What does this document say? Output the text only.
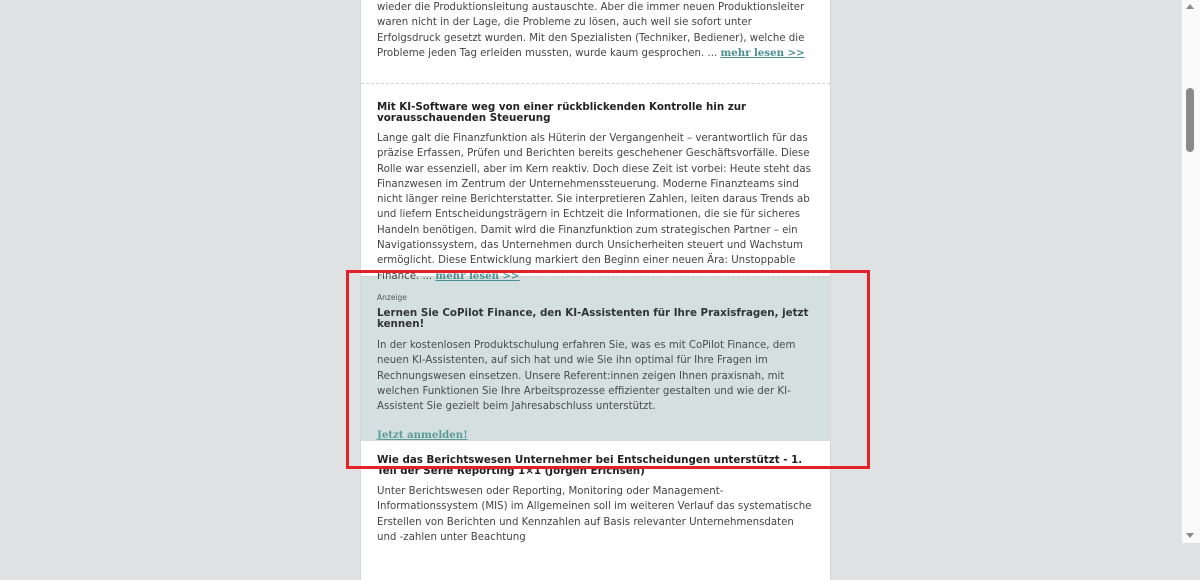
wieder die Produktionsleitung austauschte. Aber die immer neuen Produktionsleiter waren nicht in der Lage, die Probleme zu lösen, auch weil sie sofort unter Erfolgsdruck gesetzt wurden. Mit den Spezialisten (Techniker, Bediener), welche die Probleme jeden Tag erleiden mussten, wurde kaum gesprochen. ... mehr lesen >>

Mit KI-Software weg von einer rückblickenden Kontrolle hin zur vorausschauenden Steuerung

Lange galt die Finanzfunktion als Hüterin der Vergangenheit – verantwortlich für das präzise Erfassen, Prüfen und Berichten bereits geschehener Geschäftsvorfälle. Diese Rolle war essenziell, aber im Kern reaktiv. Doch diese Zeit ist vorbei: Heute steht das Finanzwesen im Zentrum der Unternehmenssteuerung. Moderne Finanzteams sind nicht länger reine Berichterstatter. Sie interpretieren Zahlen, leiten daraus Trends ab und liefern Entscheidungsträgern in Echtzeit die Informationen, die sie für sicheres Handeln benötigen. Damit wird die Finanzfunktion zum strategischen Partner – ein Navigationssystem, das Unternehmen durch Unsicherheiten steuert und Wachstum ermöglicht. Diese Entwicklung markiert den Beginn einer neuen Ära: Unstoppable Finance. ... mehr lesen >>

Anzeige

Lernen Sie CoPilot Finance, den KI-Assistenten für Ihre Praxisfragen, jetzt kennen!

In der kostenlosen Produktschulung erfahren Sie, was es mit CoPilot Finance, dem neuen KI-Assistenten, auf sich hat und wie Sie ihn optimal für Ihre Fragen im Rechnungswesen einsetzen. Unsere Referent:innen zeigen Ihnen praxisnah, mit welchen Funktionen Sie Ihre Arbeitsprozesse effizienter gestalten und wie der KI-Assistent Sie gezielt beim Jahresabschluss unterstützt.

Jetzt anmelden!
Wie das Berichtswesen Unternehmer bei Entscheidungen unterstützt - 1. Teil der Serie Reporting 1×1 (Jörgen Erichsen)

Unter Berichtswesen oder Reporting, Monitoring oder Management-Informationssystem (MIS) im Allgemeinen soll im weiteren Verlauf das systematische Erstellen von Berichten und Kennzahlen auf Basis relevanter Unternehmensdaten und -zahlen unter Beachtung
